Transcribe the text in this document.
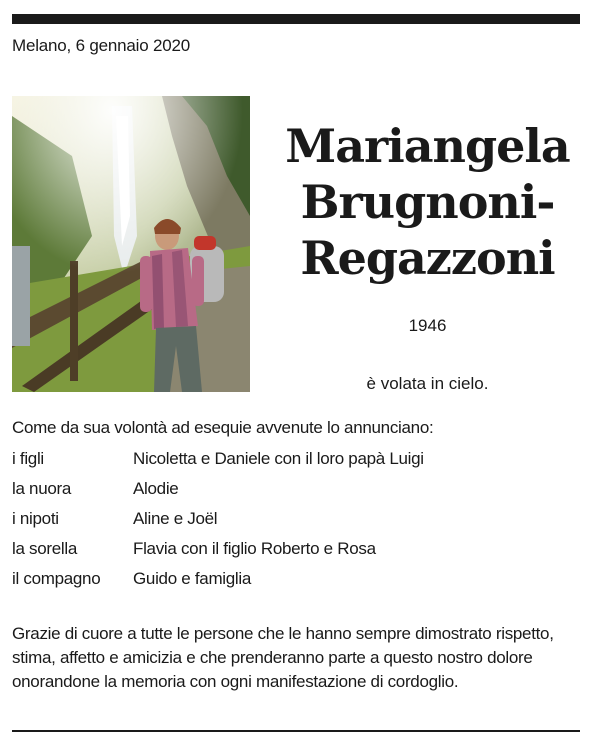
Melano, 6 gennaio 2020
Mariangela
Brugnoni-
Regazzoni
1946
è volata in cielo.
Come da sua volontà ad esequie avvenute lo annunciano:
i figli	Nicoletta e Daniele con il loro papà Luigi
la nuora	Alodie
i nipoti	Aline e Joël
la sorella	Flavia con il figlio Roberto e Rosa
il compagno	Guido e famiglia
Grazie di cuore a tutte le persone che le hanno sempre dimostrato rispetto, stima, affetto e amicizia e che prenderanno parte a questo nostro dolore onorandone la memoria con ogni manifestazione di cordoglio.
